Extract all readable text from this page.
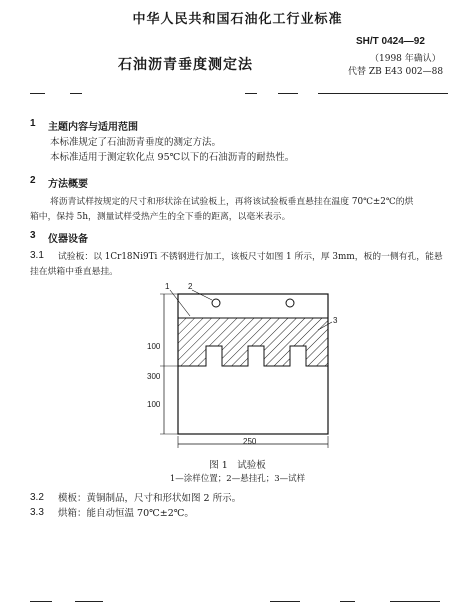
中华人民共和国石油化工行业标准
SH/T 0424—92
（1998 年确认）
代替 ZB E43 002—88
石油沥青垂度测定法
1 主题内容与适用范围
本标准规定了石油沥青垂度的测定方法。
本标准适用于测定软化点 95℃以下的石油沥青的耐热性。
2 方法概要
将沥青试样按规定的尺寸和形状涂在试验板上，再将该试验板垂直悬挂在温度 70℃±2℃的烘
箱中，保持 5h，测量试样受热产生的全下垂的距离，以毫米表示。
3 仪器设备
3.1 试验板：以 1Cr18Ni9Ti 不锈钢进行加工，该板尺寸如图 1 所示，厚 3mm，板的一侧有孔，能悬
挂在烘箱中垂直悬挂。
1 2
3
100
300
100
250
图 1　试验板
1—涂样位置；2—悬挂孔；3—试样
3.2 模板：黄铜制品，尺寸和形状如图 2 所示。
3.3 烘箱：能自动恒温 70℃±2℃。
